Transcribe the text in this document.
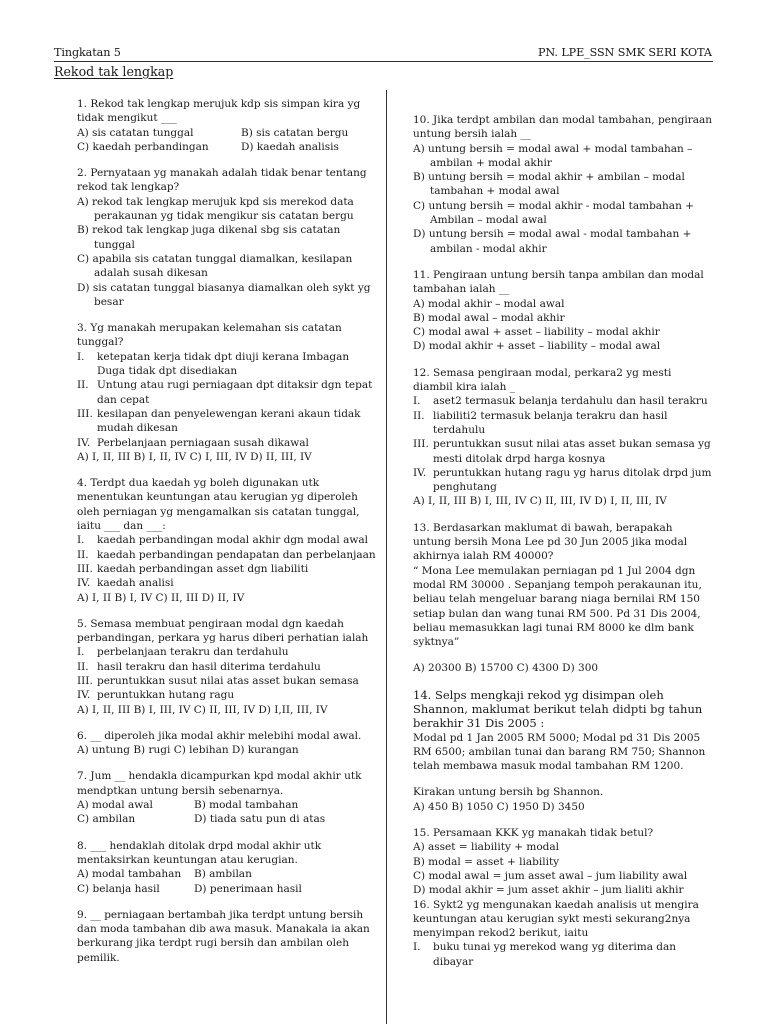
Tingkatan 5	PN. LPE_SSN SMK SERI KOTA
Rekod tak lengkap
1. Rekod tak lengkap merujuk kdp sis simpan kira yg tidak mengikut ___
A) sis catatan tunggal	B) sis catatan bergu
C) kaedah perbandingan	D) kaedah analisis
2. Pernyataan yg manakah adalah tidak benar tentang rekod tak lengkap?
A) rekod tak lengkap merujuk kpd sis merekod data perakaunan yg tidak mengikur sis catatan bergu
B) rekod tak lengkap juga dikenal sbg sis catatan tunggal
C) apabila sis catatan tunggal diamalkan, kesilapan adalah susah dikesan
D) sis catatan tunggal biasanya diamalkan oleh sykt yg besar
3. Yg manakah merupakan kelemahan sis catatan tunggal?
I.	ketepatan kerja tidak dpt diuji kerana Imbagan Duga tidak dpt disediakan
II. Untung atau rugi perniagaan dpt ditaksir dgn tepat dan cepat
III. kesilapan dan penyelewengan kerani akaun tidak mudah dikesan
IV. Perbelanjaan perniagaan susah dikawal
A) I, II, III B) I, II, IV C) I, III, IV D) II, III, IV
4. Terdpt dua kaedah yg boleh digunakan utk menentukan keuntungan atau kerugian yg diperoleh oleh perniagan yg mengamalkan sis catatan tunggal, iaitu ___ dan ___:
I.	kaedah perbandingan modal akhir dgn modal awal
II. kaedah perbandingan pendapatan dan perbelanjaan
III. kaedah perbandingan asset dgn liabiliti
IV. kaedah analisi
A) I, II B) I, IV C) II, III D) II, IV
5. Semasa membuat pengiraan modal dgn kaedah perbandingan, perkara yg harus diberi perhatian ialah
I.	perbelanjaan terakru dan terdahulu
II. hasil terakru dan hasil diterima terdahulu
III. peruntukkan susut nilai atas asset bukan semasa
IV. peruntukkan hutang ragu
A) I, II, III B) I, III, IV C) II, III, IV D) I,II, III, IV
6. __ diperoleh jika modal akhir melebihi modal awal.
A) untung B) rugi C) lebihan D) kurangan
7. Jum __ hendakla dicampurkan kpd modal akhir utk mendptkan untung bersih sebenarnya.
A) modal awal	B) modal tambahan
C) ambilan	D) tiada satu pun di atas
8. ___ hendaklah ditolak drpd modal akhir utk mentaksirkan keuntungan atau kerugian.
A) modal tambahan	B) ambilan
C) belanja hasil	D) penerimaan hasil
9. __ perniagaan bertambah jika terdpt untung bersih dan moda tambahan dib awa masuk. Manakala ia akan berkurang jika terdpt rugi bersih dan ambilan oleh pemilik.
10. Jika terdpt ambilan dan modal tambahan, pengiraan untung bersih ialah __
A) untung bersih = modal awal + modal tambahan – ambilan + modal akhir
B) untung bersih = modal akhir + ambilan – modal tambahan + modal awal
C) untung bersih = modal akhir - modal tambahan + Ambilan – modal awal
D) untung bersih = modal awal - modal tambahan + ambilan - modal akhir
11. Pengiraan untung bersih tanpa ambilan dan modal tambahan ialah __
A) modal akhir – modal awal
B) modal awal – modal akhir
C) modal awal + asset – liability – modal akhir
D) modal akhir + asset – liability – modal awal
12. Semasa pengiraan modal, perkara2 yg mesti diambil kira ialah _
I.	aset2 termasuk belanja terdahulu dan hasil terakru
II. liabiliti2 termasuk belanja terakru dan hasil terdahulu
III. peruntukkan susut nilai atas asset bukan semasa yg mesti ditolak drpd harga kosnya
IV. peruntukkan hutang ragu yg harus ditolak drpd jum penghutang
A) I, II, III B) I, III, IV C) II, III, IV D) I, II, III, IV
13. Berdasarkan maklumat di bawah, berapakah untung bersih Mona Lee pd 30 Jun 2005 jika modal akhirnya ialah RM 40000?
“ Mona Lee memulakan perniagan pd 1 Jul 2004 dgn modal RM 30000 . Sepanjang tempoh perakaunan itu, beliau telah mengeluar barang niaga bernilai RM 150 setiap bulan dan wang tunai RM 500. Pd 31 Dis 2004, beliau memasukkan lagi tunai RM 8000 ke dlm bank syktnya”
A) 20300 B) 15700 C) 4300 D) 300
14. Selps mengkaji rekod yg disimpan oleh Shannon, maklumat berikut telah didpti bg tahun berakhir 31 Dis 2005 :
Modal pd 1 Jan 2005 RM 5000; Modal pd 31 Dis 2005 RM 6500; ambilan tunai dan barang RM 750; Shannon telah membawa masuk modal tambahan RM 1200.
Kirakan untung bersih bg Shannon.
A) 450 B) 1050 C) 1950 D) 3450
15. Persamaan KKK yg manakah tidak betul?
A) asset = liability + modal
B) modal = asset + liability
C) modal awal = jum asset awal – jum liability awal
D) modal akhir = jum asset akhir – jum lialiti akhir
16. Sykt2 yg mengunakan kaedah analisis ut mengira keuntungan atau kerugian sykt mesti sekurang2nya menyimpan rekod2 berikut, iaitu
I.	buku tunai yg merekod wang yg diterima dan dibayar
